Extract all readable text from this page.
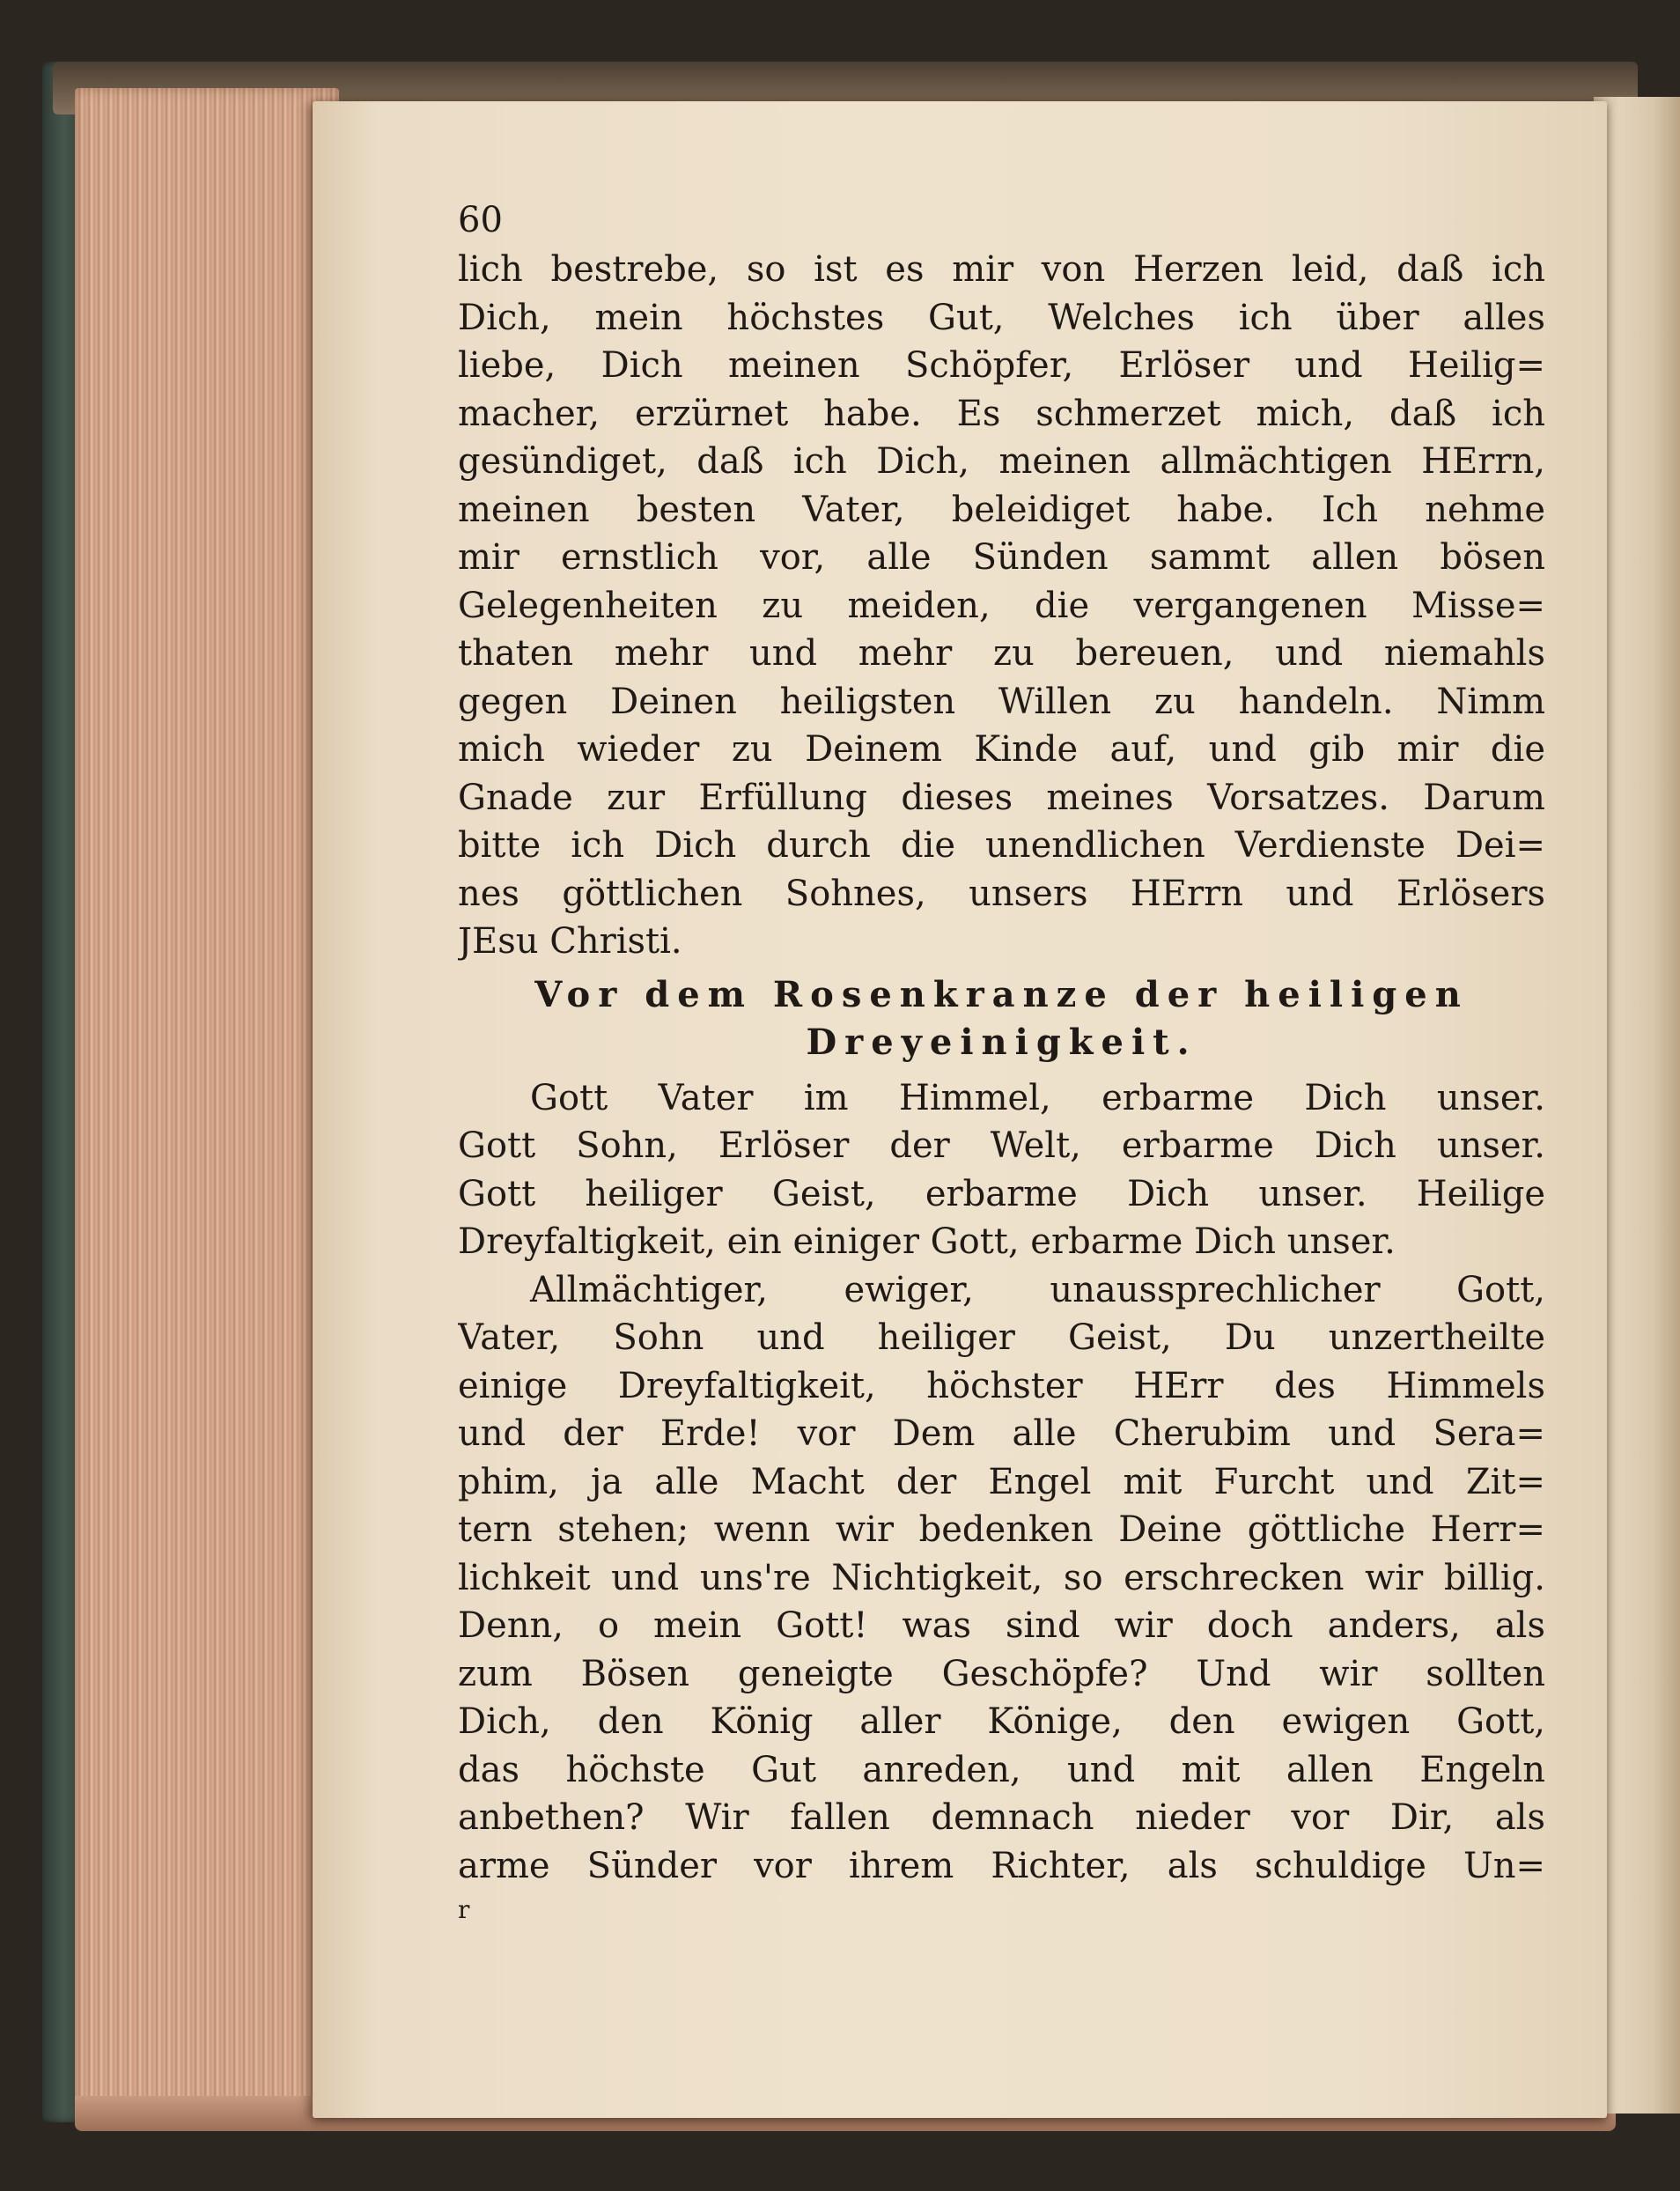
60
lich bestrebe, so ist es mir von Herzen leid, daß ich
Dich, mein höchstes Gut, Welches ich über alles
liebe, Dich meinen Schöpfer, Erlöser und Heilig=
macher, erzürnet habe. Es schmerzet mich, daß ich
gesündiget, daß ich Dich, meinen allmächtigen HErrn,
meinen besten Vater, beleidiget habe. Ich nehme
mir ernstlich vor, alle Sünden sammt allen bösen
Gelegenheiten zu meiden, die vergangenen Misse=
thaten mehr und mehr zu bereuen, und niemahls
gegen Deinen heiligsten Willen zu handeln. Nimm
mich wieder zu Deinem Kinde auf, und gib mir die
Gnade zur Erfüllung dieses meines Vorsatzes. Darum
bitte ich Dich durch die unendlichen Verdienste Dei=
nes göttlichen Sohnes, unsers HErrn und Erlösers
JEsu Christi.
Vor dem Rosenkranze der heiligen
Dreyeinigkeit.
Gott Vater im Himmel, erbarme Dich unser.
Gott Sohn, Erlöser der Welt, erbarme Dich unser.
Gott heiliger Geist, erbarme Dich unser. Heilige
Dreyfaltigkeit, ein einiger Gott, erbarme Dich unser.
Allmächtiger, ewiger, unaussprechlicher Gott,
Vater, Sohn und heiliger Geist, Du unzertheilte
einige Dreyfaltigkeit, höchster HErr des Himmels
und der Erde! vor Dem alle Cherubim und Sera=
phim, ja alle Macht der Engel mit Furcht und Zit=
tern stehen; wenn wir bedenken Deine göttliche Herr=
lichkeit und uns're Nichtigkeit, so erschrecken wir billig.
Denn, o mein Gott! was sind wir doch anders, als
zum Bösen geneigte Geschöpfe? Und wir sollten
Dich, den König aller Könige, den ewigen Gott,
das höchste Gut anreden, und mit allen Engeln
anbethen? Wir fallen demnach nieder vor Dir, als
arme Sünder vor ihrem Richter, als schuldige Un=
r
